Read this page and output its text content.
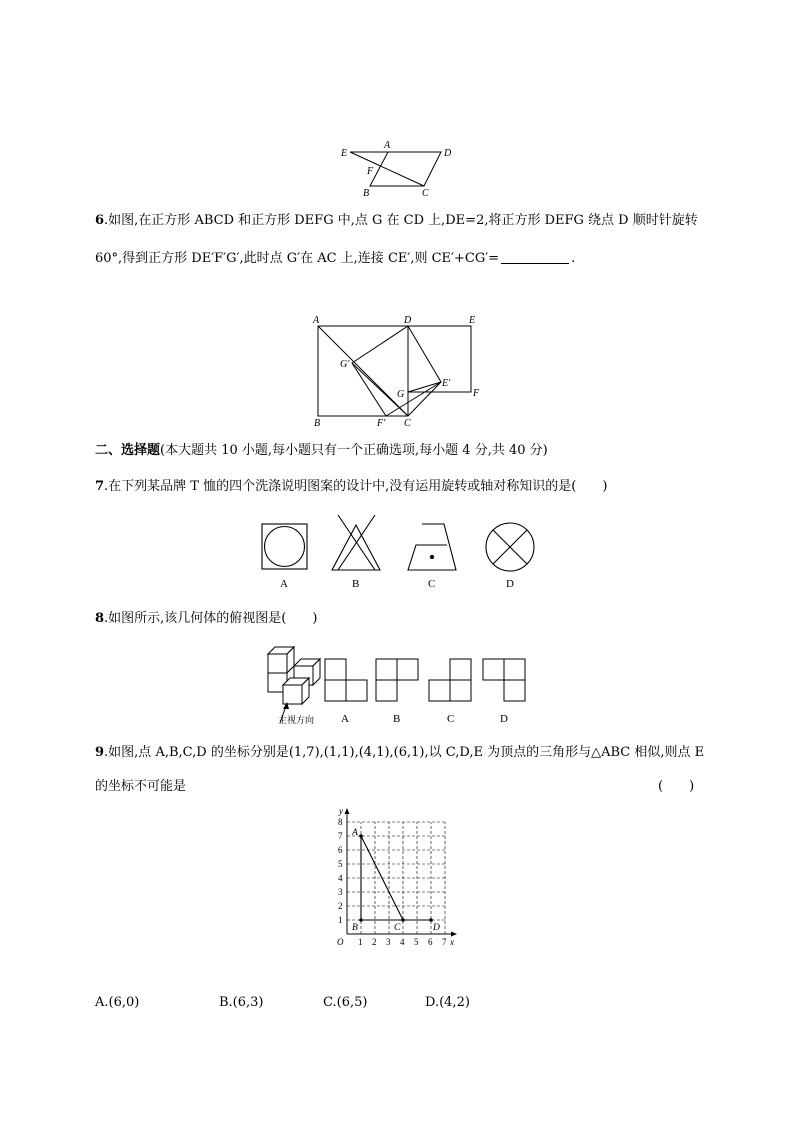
E
A
D
F
B	C
6.如图,在正方形 ABCD 和正方形 DEFG 中,点 G 在 CD 上,DE=2,将正方形 DEFG 绕点 D 顺时针旋转
60°,得到正方形 DE′F′G′,此时点 G′在 AC 上,连接 CE′,则 CE′+CG′=	.
A	D	E
G′
G
E′
F
B	F′ C
二、选择题(本大题共 10 小题,每小题只有一个正确选项,每小题 4 分,共 40 分)
7.在下列某品牌 T 恤的四个洗涤说明图案的设计中,没有运用旋转或轴对称知识的是(　　)
A	B	C	D
8.如图所示,该几何体的俯视图是(　　)
主视方向 A	B	C	D
9.如图,点 A,B,C,D 的坐标分别是(1,7),(1,1),(4,1),(6,1),以 C,D,E 为顶点的三角形与△ABC 相似,则点 E
的坐标不可能是	(　　)
1 2 3 4 5 6 7
1
2
3
4
5
6
7
8
O	x
y
A
B	C	D
A.(6,0)	B.(6,3)	C.(6,5)	D.(4,2)
